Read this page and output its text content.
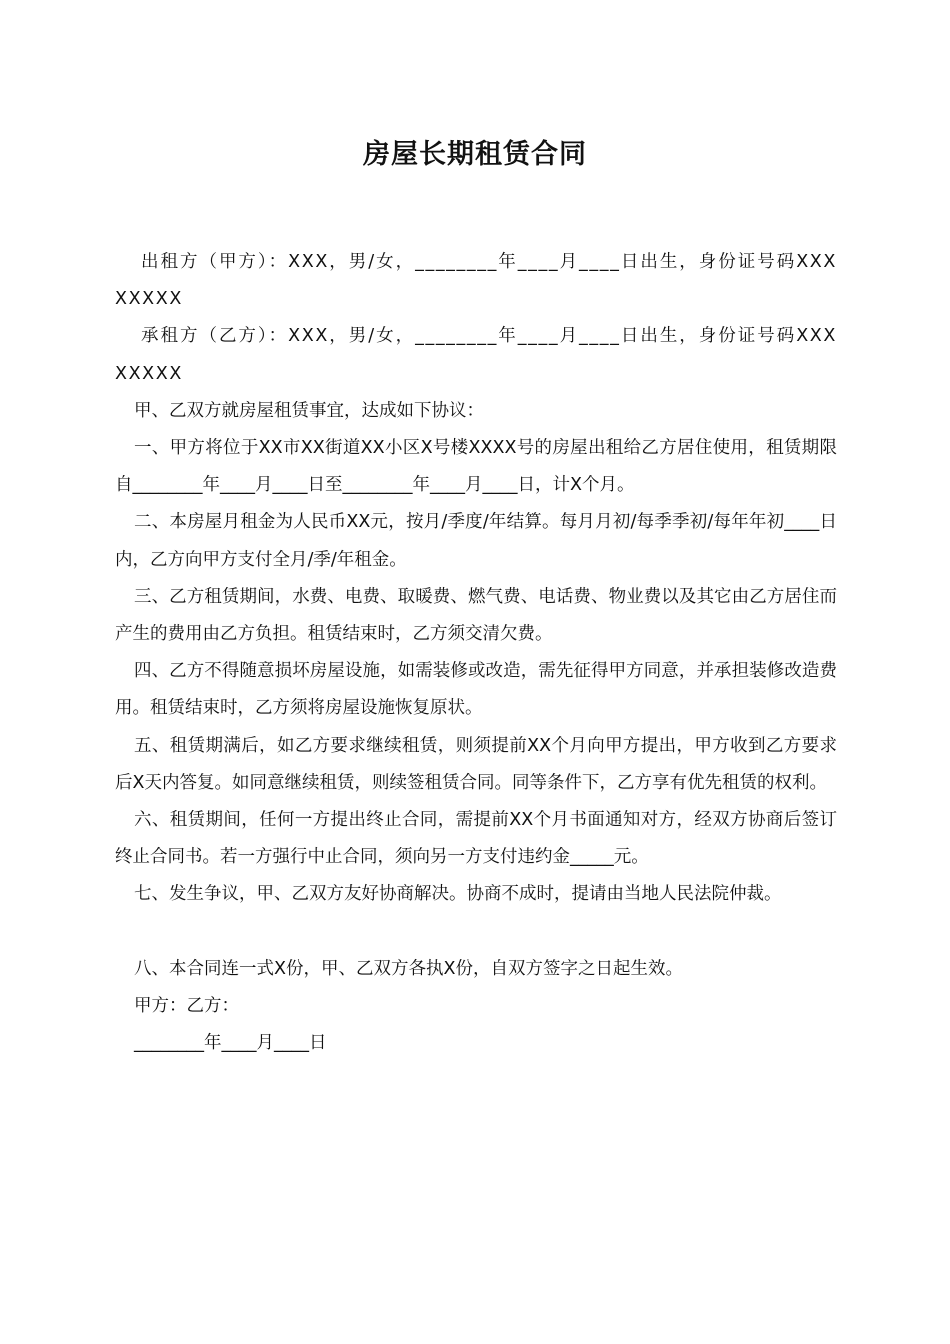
房屋长期租赁合同

出租方（甲方）：XXX，男/女，________年____月____日出生，身份证号码XXXXXXXX

承租方（乙方）：XXX，男/女，________年____月____日出生，身份证号码XXXXXXXX

甲、乙双方就房屋租赁事宜，达成如下协议：

一、甲方将位于XX市XX街道XX小区X号楼XXXX号的房屋出租给乙方居住使用，租赁期限自________年____月____日至________年____月____日，计X个月。

二、本房屋月租金为人民币XX元，按月/季度/年结算。每月月初/每季季初/每年年初____日内，乙方向甲方支付全月/季/年租金。

三、乙方租赁期间，水费、电费、取暖费、燃气费、电话费、物业费以及其它由乙方居住而产生的费用由乙方负担。租赁结束时，乙方须交清欠费。

四、乙方不得随意损坏房屋设施，如需装修或改造，需先征得甲方同意，并承担装修改造费用。租赁结束时，乙方须将房屋设施恢复原状。

五、租赁期满后，如乙方要求继续租赁，则须提前XX个月向甲方提出，甲方收到乙方要求后X天内答复。如同意继续租赁，则续签租赁合同。同等条件下，乙方享有优先租赁的权利。

六、租赁期间，任何一方提出终止合同，需提前XX个月书面通知对方，经双方协商后签订终止合同书。若一方强行中止合同，须向另一方支付违约金_____元。

七、发生争议，甲、乙双方友好协商解决。协商不成时，提请由当地人民法院仲裁。

八、本合同连一式X份，甲、乙双方各执X份，自双方签字之日起生效。

甲方：乙方：

________年____月____日
